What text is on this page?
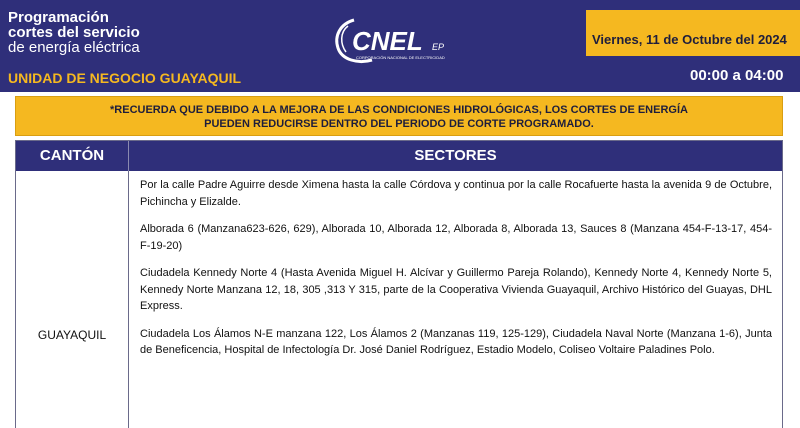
Programación
cortes del servicio
de energía eléctrica
UNIDAD DE NEGOCIO GUAYAQUIL
CNEL EP
CORPORACIÓN NACIONAL DE ELECTRICIDAD
Viernes, 11 de Octubre del 2024
00:00 a 04:00
*RECUERDA QUE DEBIDO A LA MEJORA DE LAS CONDICIONES HIDROLÓGICAS, LOS CORTES DE ENERGÍA
PUEDEN REDUCIRSE DENTRO DEL PERIODO DE CORTE PROGRAMADO.
CANTÓN	SECTORES
GUAYAQUIL

Por la calle Padre Aguirre desde Ximena hasta la calle Córdova y continua por la calle Rocafuerte hasta la avenida 9 de Octubre, Pichincha y Elizalde.

Alborada 6 (Manzana623-626, 629), Alborada 10, Alborada 12, Alborada 8, Alborada 13, Sauces 8 (Manzana 454-F-13-17, 454-F-19-20)

Ciudadela Kennedy Norte 4 (Hasta Avenida Miguel H. Alcívar y Guillermo Pareja Rolando), Kennedy Norte 4, Kennedy Norte 5, Kennedy Norte Manzana 12, 18, 305 ,313 Y 315, parte de la Cooperativa Vivienda Guayaquil, Archivo Histórico del Guayas, DHL Express.

Ciudadela Los Álamos N-E manzana 122, Los Álamos 2 (Manzanas 119, 125-129), Ciudadela Naval Norte (Manzana 1-6), Junta de Beneficencia, Hospital de Infectología Dr. José Daniel Rodríguez, Estadio Modelo, Coliseo Voltaire Paladines Polo.
